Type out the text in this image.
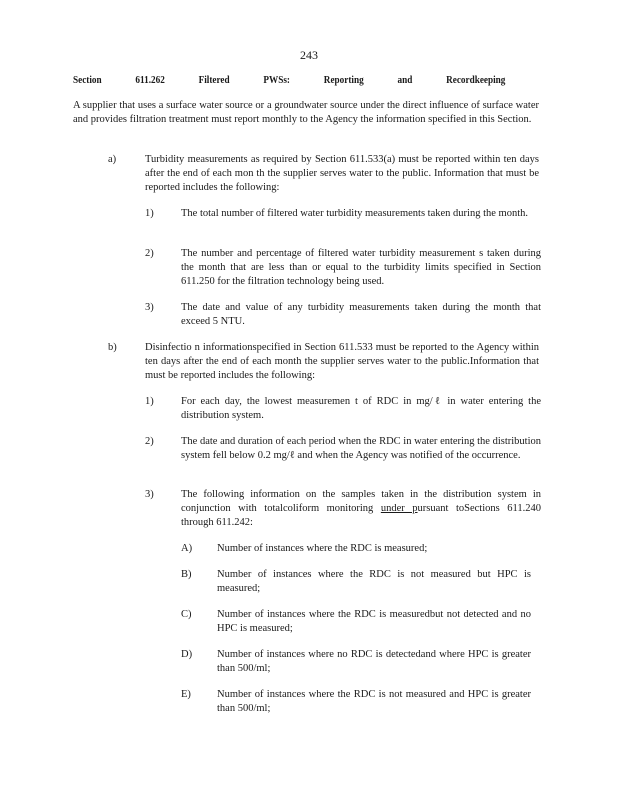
243
Section	611.262	Filtered	PWSs:	Reporting	and	Recordkeeping
A supplier that uses a surface water source or a groundwater source under the direct influence of surface water and provides filtration treatment must report monthly to the Agency the information specified in this Section.
a)	Turbidity measurements as required by Section 611.533(a) must be reported within ten days after the end of each mon th the supplier serves water to the public. Information that must be reported includes the following:
1)	The total number of filtered water turbidity measurements taken during the month.
2)	The number and percentage of filtered water turbidity measurement s taken during the month that are less than or equal to the turbidity limits specified in Section 611.250 for the filtration technology being used.
3)	The date and value of any turbidity measurements taken during the month that exceed 5 NTU.
b)	Disinfectio n informationspecified in Section 611.533 must be reported to the Agency within ten days after the end of each month the supplier serves water to the public.Information that must be reported includes the following:
1)	For each day, the lowest measuremen t of RDC in mg/ℓ in water entering the distribution system.
2)	The date and duration of each period when the RDC in water entering the distribution system fell below 0.2 mg/ℓ and when the Agency was notified of the occurrence.
3)	The following information on the samples taken in the distribution system in conjunction with totalcoliform monitoring under pursuant toSections 611.240 through 611.242:
A) Number of instances where the RDC is measured;
B) Number of instances where the RDC is not measured but HPC is measured;
C) Number of instances where the RDC is measuredbut not detected and no HPC is measured;
D) Number of instances where no RDC is detectedand where HPC is greater than 500/ml;
E) Number of instances where the RDC is not measured and HPC is greater than 500/ml;
